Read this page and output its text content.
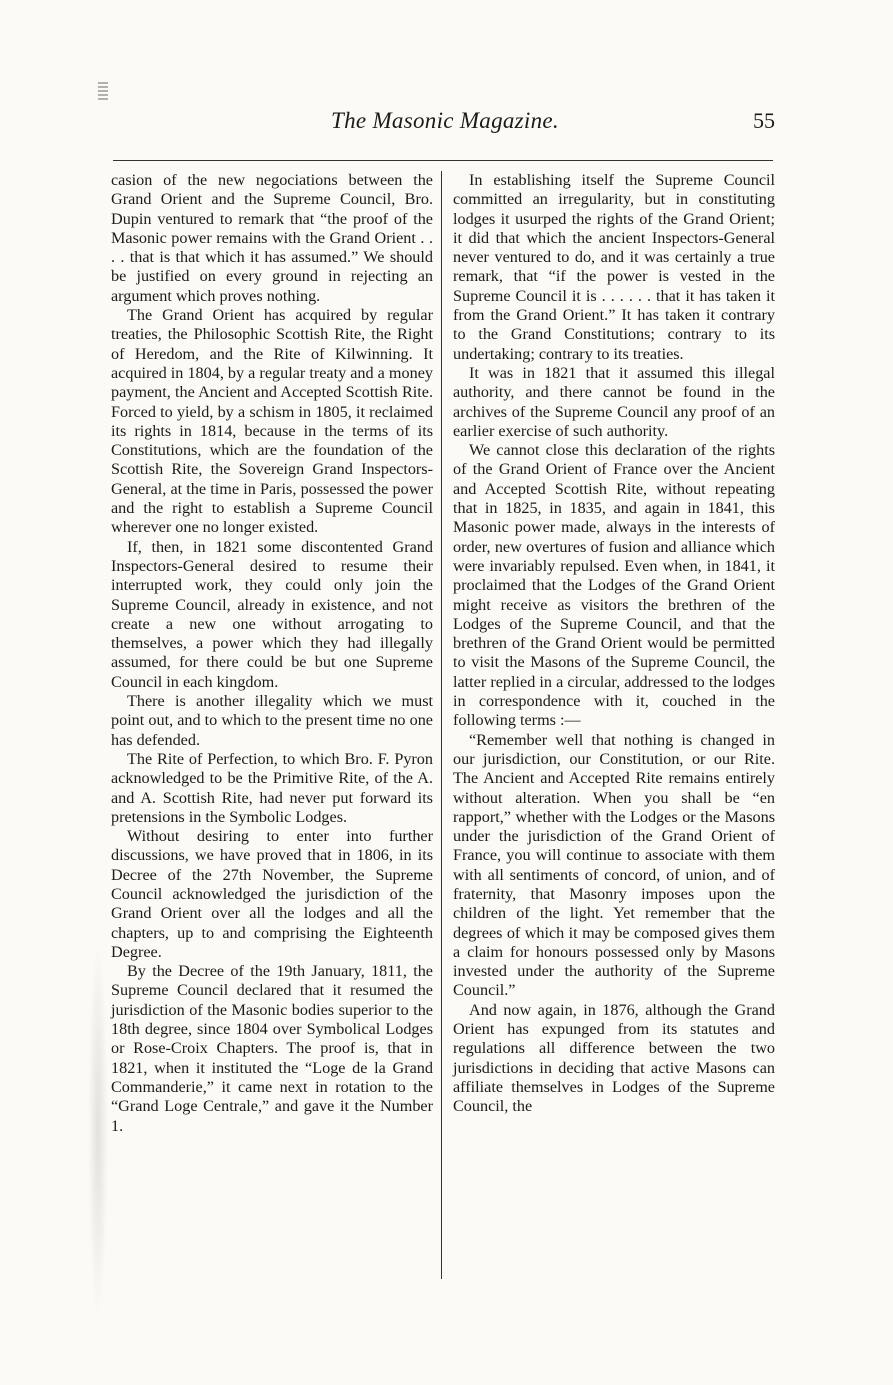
The Masonic Magazine.	55

casion of the new negociations between the Grand Orient and the Supreme Council, Bro. Dupin ventured to remark that “the proof of the Masonic power remains with the Grand Orient . . . . that is that which it has assumed.” We should be justified on every ground in rejecting an argument which proves nothing.

The Grand Orient has acquired by regular treaties, the Philosophic Scottish Rite, the Right of Heredom, and the Rite of Kilwinning. It acquired in 1804, by a regular treaty and a money payment, the Ancient and Accepted Scottish Rite. Forced to yield, by a schism in 1805, it reclaimed its rights in 1814, because in the terms of its Constitutions, which are the foundation of the Scottish Rite, the Sovereign Grand Inspectors-General, at the time in Paris, possessed the power and the right to establish a Supreme Council wherever one no longer existed.

If, then, in 1821 some discontented Grand Inspectors-General desired to resume their interrupted work, they could only join the Supreme Council, already in existence, and not create a new one without arrogating to themselves, a power which they had illegally assumed, for there could be but one Supreme Council in each kingdom.

There is another illegality which we must point out, and to which to the present time no one has defended.

The Rite of Perfection, to which Bro. F. Pyron acknowledged to be the Primitive Rite, of the A. and A. Scottish Rite, had never put forward its pretensions in the Symbolic Lodges.

Without desiring to enter into further discussions, we have proved that in 1806, in its Decree of the 27th November, the Supreme Council acknowledged the jurisdiction of the Grand Orient over all the lodges and all the chapters, up to and comprising the Eighteenth Degree.

By the Decree of the 19th January, 1811, the Supreme Council declared that it resumed the jurisdiction of the Masonic bodies superior to the 18th degree, since 1804 over Symbolical Lodges or Rose-Croix Chapters. The proof is, that in 1821, when it instituted the “Loge de la Grand Commanderie,” it came next in rotation to the “Grand Loge Centrale,” and gave it the Number 1.

In establishing itself the Supreme Council committed an irregularity, but in constituting lodges it usurped the rights of the Grand Orient; it did that which the ancient Inspectors-General never ventured to do, and it was certainly a true remark, that “if the power is vested in the Supreme Council it is . . . . . . that it has taken it from the Grand Orient.” It has taken it contrary to the Grand Constitutions; contrary to its undertaking; contrary to its treaties.

It was in 1821 that it assumed this illegal authority, and there cannot be found in the archives of the Supreme Council any proof of an earlier exercise of such authority.

We cannot close this declaration of the rights of the Grand Orient of France over the Ancient and Accepted Scottish Rite, without repeating that in 1825, in 1835, and again in 1841, this Masonic power made, always in the interests of order, new overtures of fusion and alliance which were invariably repulsed. Even when, in 1841, it proclaimed that the Lodges of the Grand Orient might receive as visitors the brethren of the Lodges of the Supreme Council, and that the brethren of the Grand Orient would be permitted to visit the Masons of the Supreme Council, the latter replied in a circular, addressed to the lodges in correspondence with it, couched in the following terms :—

“Remember well that nothing is changed in our jurisdiction, our Constitution, or our Rite. The Ancient and Accepted Rite remains entirely without alteration. When you shall be “en rapport,” whether with the Lodges or the Masons under the jurisdiction of the Grand Orient of France, you will continue to associate with them with all sentiments of concord, of union, and of fraternity, that Masonry imposes upon the children of the light. Yet remember that the degrees of which it may be composed gives them a claim for honours possessed only by Masons invested under the authority of the Supreme Council.”

And now again, in 1876, although the Grand Orient has expunged from its statutes and regulations all difference between the two jurisdictions in deciding that active Masons can affiliate themselves in Lodges of the Supreme Council, the
